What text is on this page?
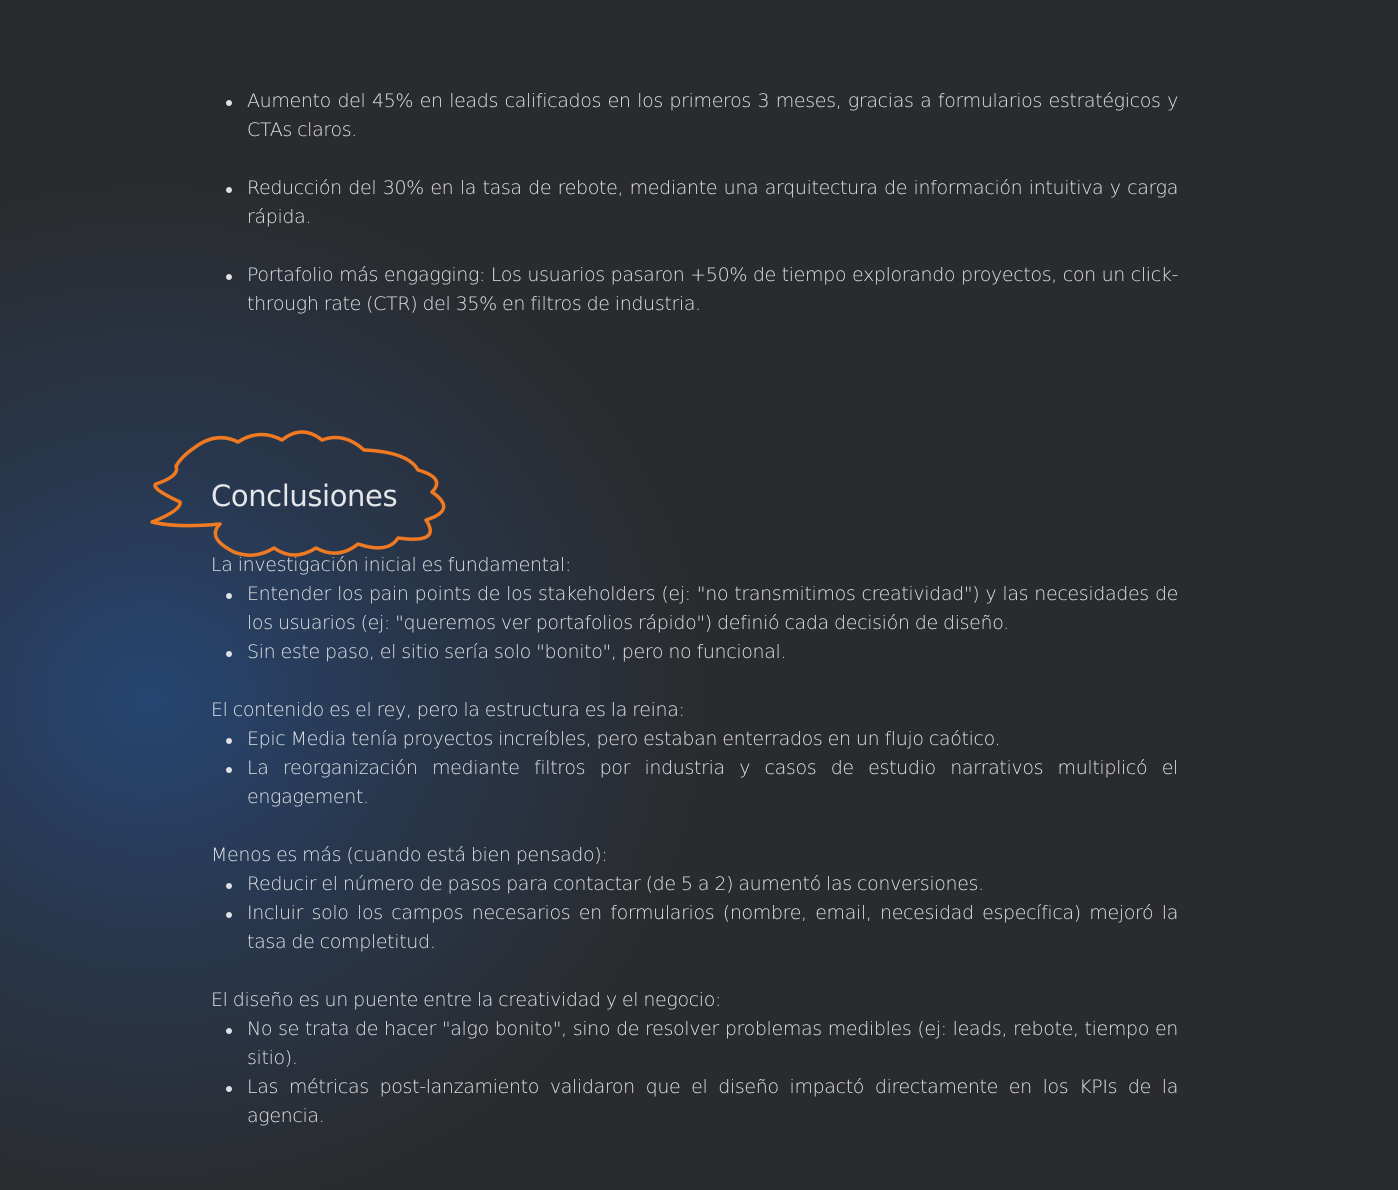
Aumento del 45% en leads calificados en los primeros 3 meses, gracias a formularios estratégicos y CTAs claros.
Reducción del 30% en la tasa de rebote, mediante una arquitectura de información intuitiva y carga rápida.
Portafolio más engagging: Los usuarios pasaron +50% de tiempo explorando proyectos, con un click-through rate (CTR) del 35% en filtros de industria.
Conclusiones
La investigación inicial es fundamental:
Entender los pain points de los stakeholders (ej: "no transmitimos creatividad") y las necesidades de los usuarios (ej: "queremos ver portafolios rápido") definió cada decisión de diseño.
Sin este paso, el sitio sería solo "bonito", pero no funcional.
El contenido es el rey, pero la estructura es la reina:
Epic Media tenía proyectos increíbles, pero estaban enterrados en un flujo caótico.
La reorganización mediante filtros por industria y casos de estudio narrativos multiplicó el engagement.
Menos es más (cuando está bien pensado):
Reducir el número de pasos para contactar (de 5 a 2) aumentó las conversiones.
Incluir solo los campos necesarios en formularios (nombre, email, necesidad específica) mejoró la tasa de completitud.
El diseño es un puente entre la creatividad y el negocio:
No se trata de hacer "algo bonito", sino de resolver problemas medibles (ej: leads, rebote, tiempo en sitio).
Las métricas post-lanzamiento validaron que el diseño impactó directamente en los KPIs de la agencia.
